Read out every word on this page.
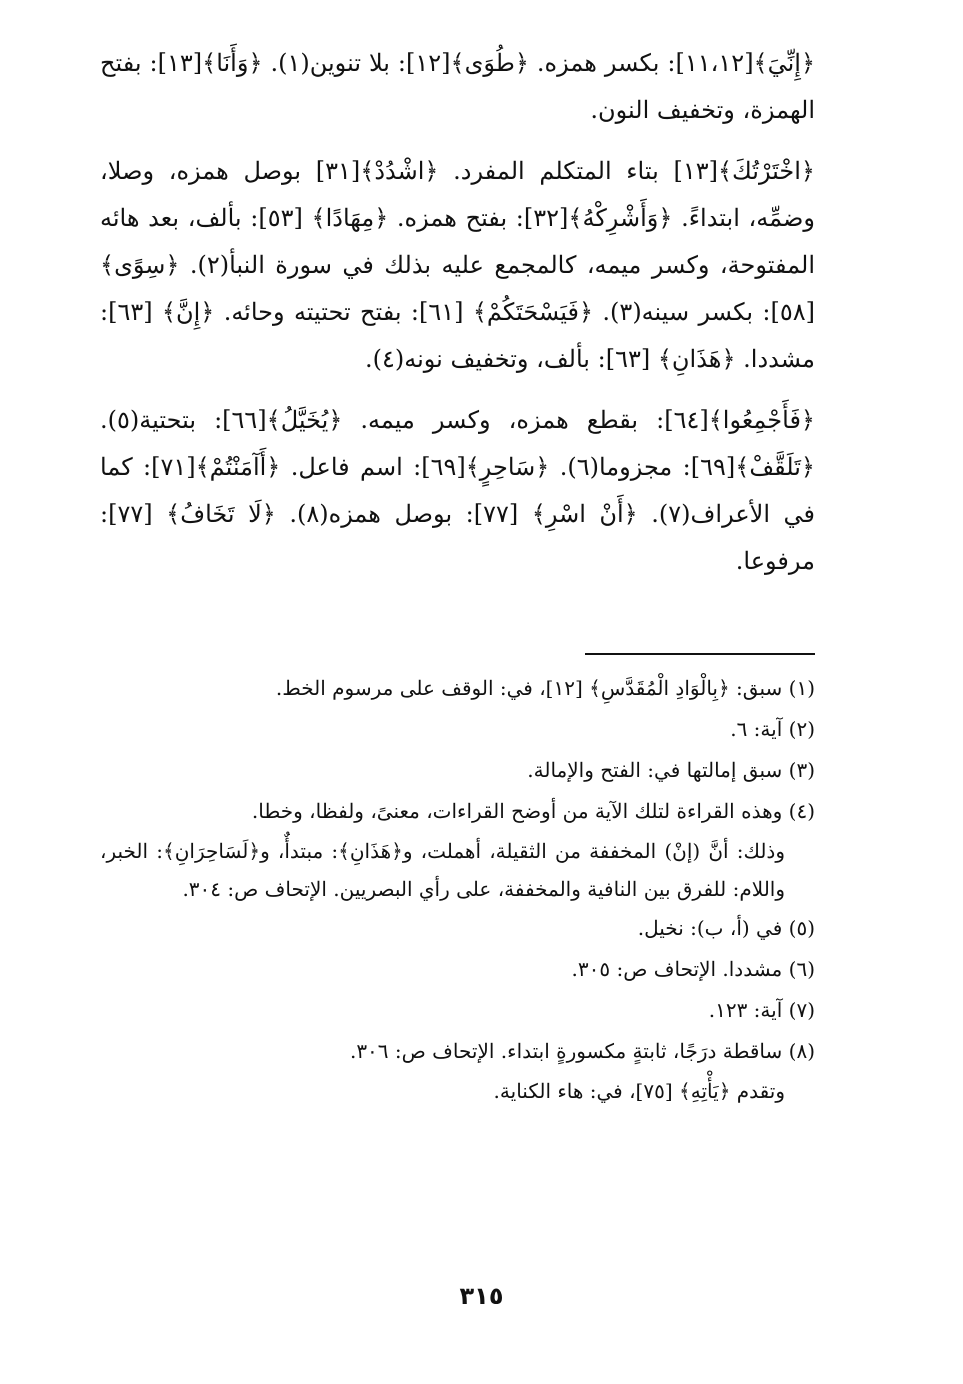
﴿إِنِّيَ﴾[١١،١٢]: بكسر همزه. ﴿طُوَى﴾[١٢]: بلا تنوين(١). ﴿وَأَنَا﴾[١٣]: بفتح الهمزة، وتخفيف النون.

﴿اخْتَرْتُكَ﴾[١٣] بتاء المتكلم المفرد. ﴿اشْدُدْ﴾[٣١] بوصل همزه، وصلا، وضمِّه، ابتداءً. ﴿وَأَشْرِكْهُ﴾[٣٢]: بفتح همزه. ﴿مِهَادًا﴾ [٥٣]: بألف، بعد هائه المفتوحة، وكسر ميمه، كالمجمع عليه بذلك في سورة النبأ(٢). ﴿سِوًى﴾ [٥٨]: بكسر سينه(٣). ﴿فَيَسْحَتَكُمْ﴾ [٦١]: بفتح تحتيته وحائه. ﴿إِنَّ﴾ [٦٣]: مشددا. ﴿هَذَانِ﴾ [٦٣]: بألف، وتخفيف نونه(٤).

﴿فَأَجْمِعُوا﴾[٦٤]: بقطع همزه، وكسر ميمه. ﴿يُخَيَّلُ﴾[٦٦]: بتحتية(٥). ﴿تَلَقَّفْ﴾[٦٩]: مجزوما(٦). ﴿سَاحِرٍ﴾[٦٩]: اسم فاعل. ﴿أَآمَنْتُمْ﴾[٧١]: كما في الأعراف(٧). ﴿أَنْ اسْرِ﴾ [٧٧]: بوصل همزه(٨). ﴿لَا تَخَافُ﴾ [٧٧]: مرفوعا.

(١) سبق: ﴿بِالْوَادِ الْمُقَدَّسِ﴾ [١٢]، في: الوقف على مرسوم الخط.

(٢) آية: ٦.

(٣) سبق إمالتها في: الفتح والإمالة.

(٤) وهذه القراءة لتلك الآية من أوضح القراءات، معنىً، ولفظا، وخطا.

وذلك: أنَّ (إنْ) المخففة من الثقيلة، أهملت، و﴿هَذَانِ﴾: مبتدأٌ، و﴿لَسَاحِرَانِ﴾: الخبر، واللام: للفرق بين النافية والمخففة، على رأي البصريين. الإتحاف ص: ٣٠٤.

(٥) في (أ، ب): نخيل.

(٦) مشددا. الإتحاف ص: ٣٠٥.

(٧) آية: ١٢٣.

(٨) ساقطة درَجًا، ثابتةٍ مكسورةٍ ابتداء. الإتحاف ص: ٣٠٦.

وتقدم ﴿يَأْتِهِ﴾ [٧٥]، في: هاء الكناية.

٣١٥
